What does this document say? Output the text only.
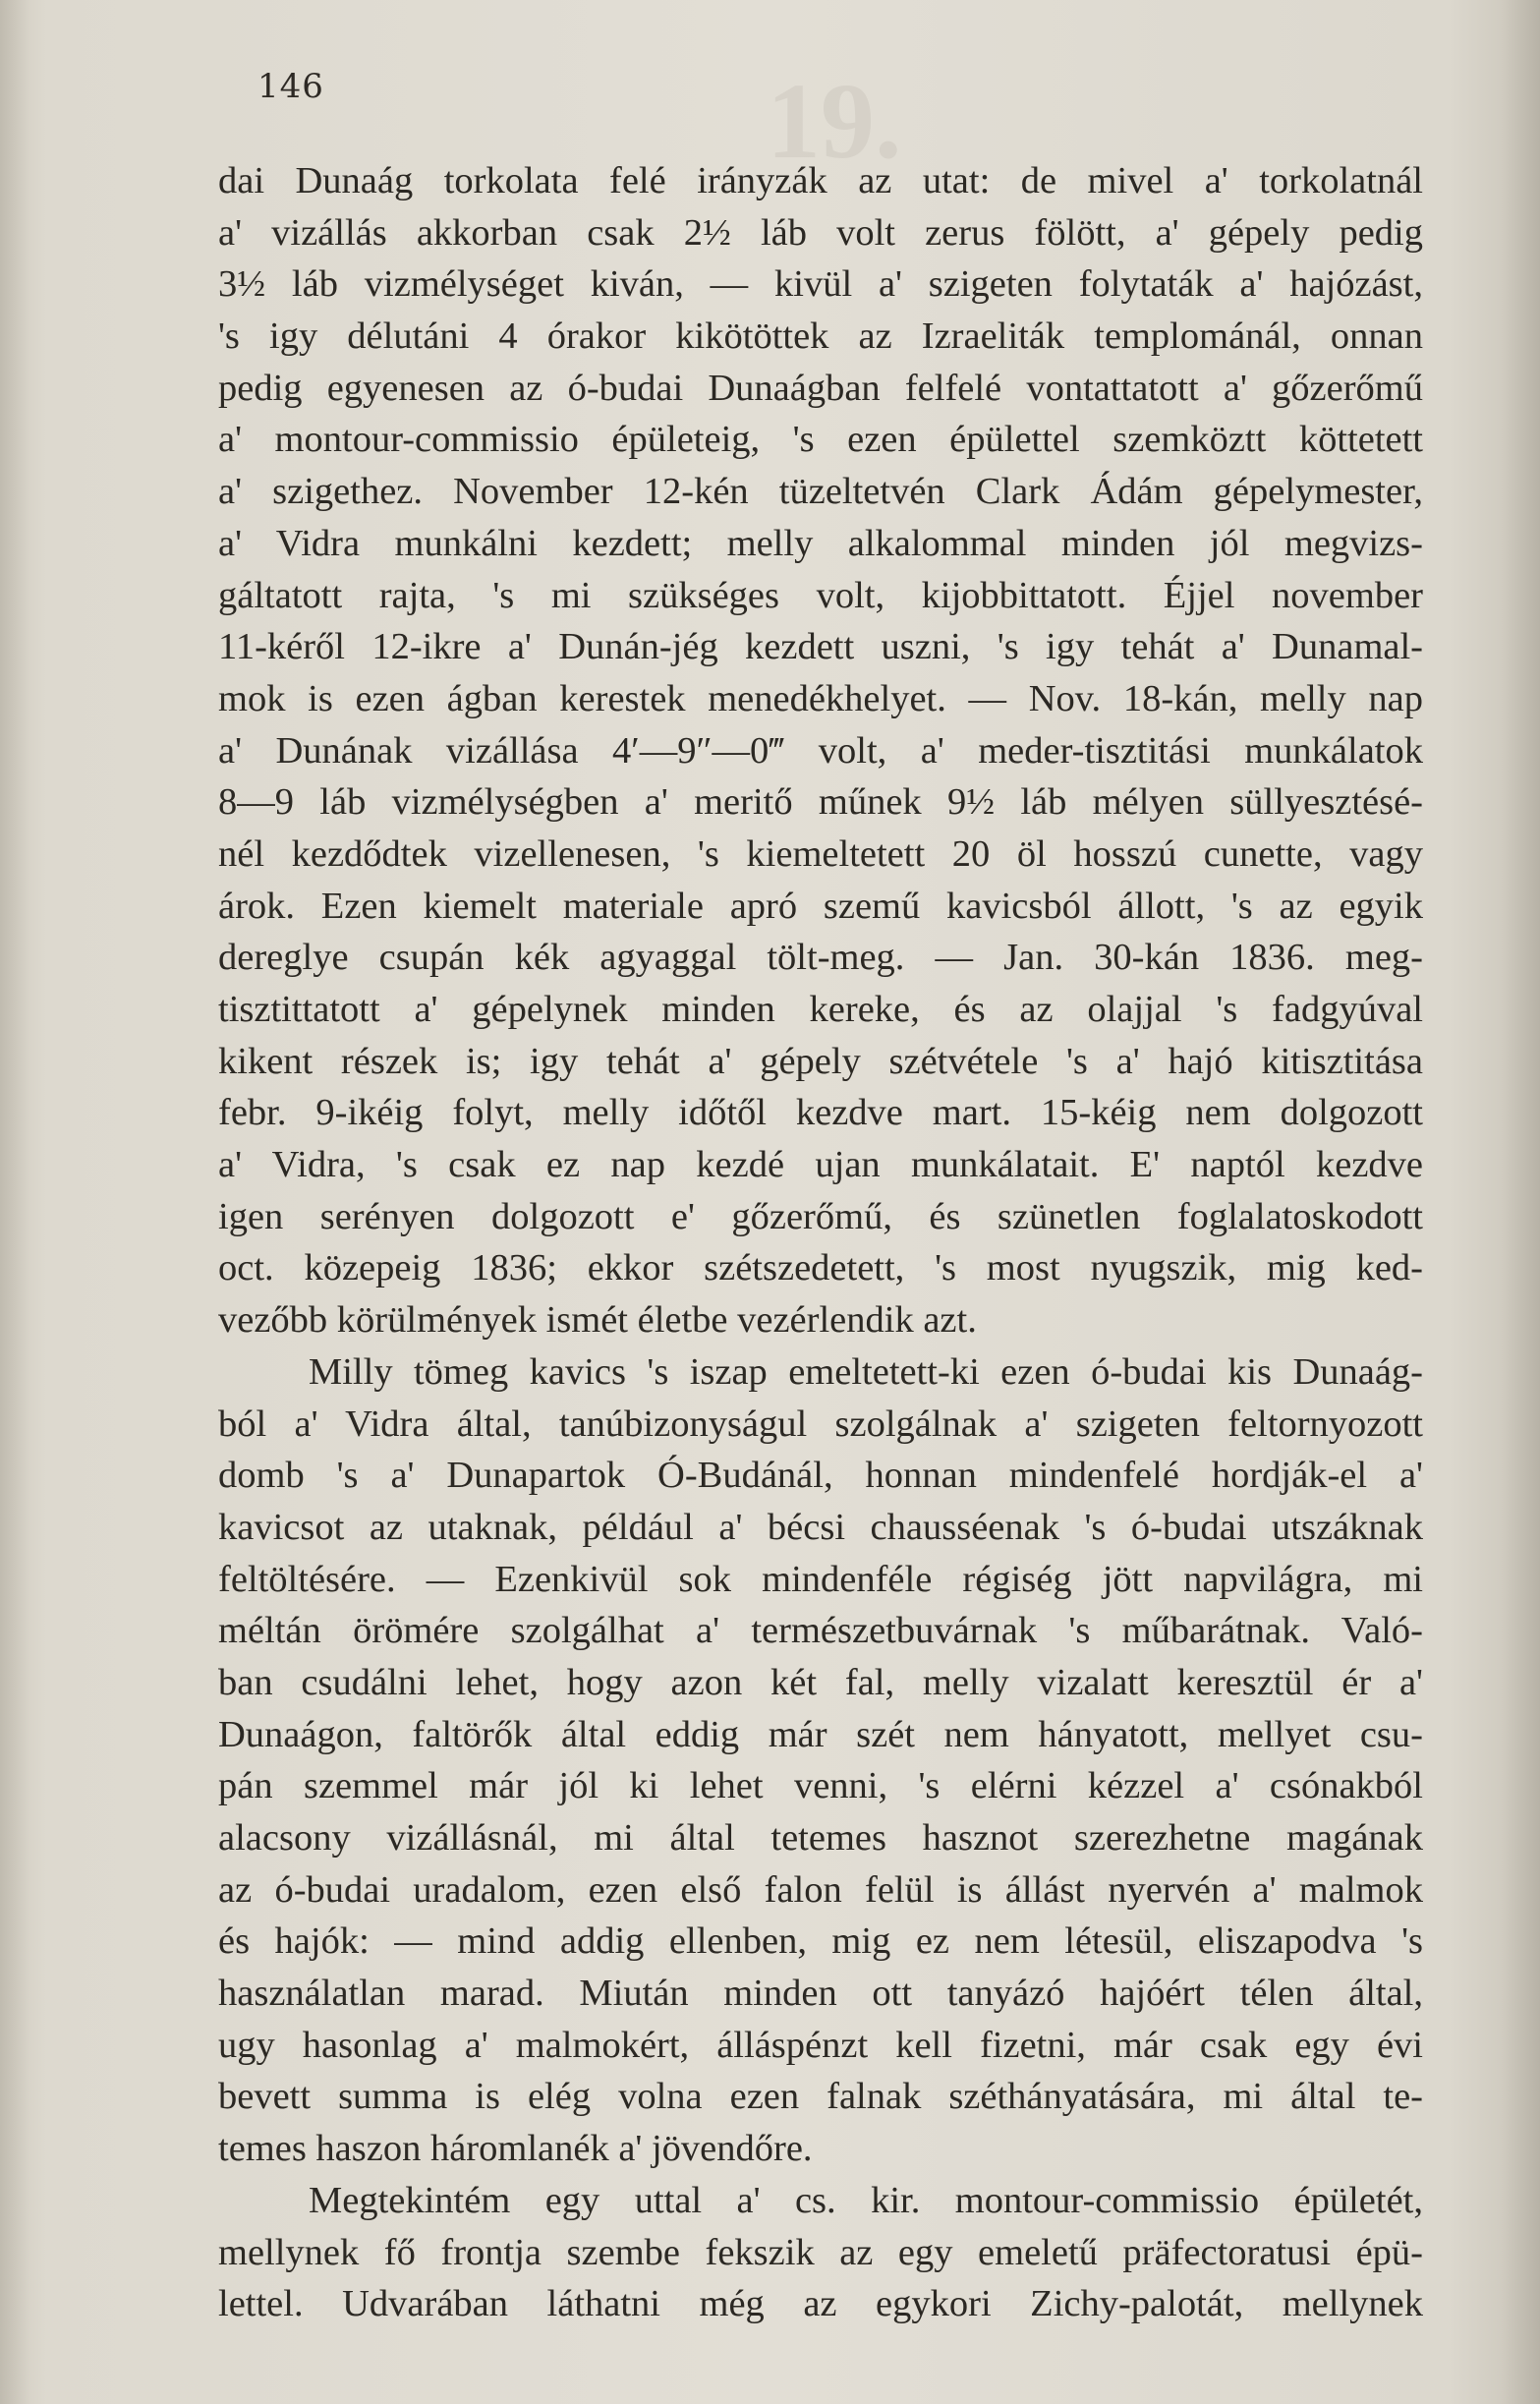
19.
146
dai Dunaág torkolata felé irányzák az utat: de mivel a' torkolatnál
a' vizállás akkorban csak 2½ láb volt zerus fölött, a' gépely pedig
3½ láb vizmélységet kiván, — kivül a' szigeten folytaták a' hajózást,
's igy délutáni 4 órakor kikötöttek az Izraeliták templománál, onnan
pedig egyenesen az ó-budai Dunaágban felfelé vontattatott a' gőzerőmű
a' montour-commissio épületeig, 's ezen épülettel szemköztt köttetett
a' szigethez. November 12-kén tüzeltetvén Clark Ádám gépelymester,
a' Vidra munkálni kezdett; melly alkalommal minden jól megvizs-
gáltatott rajta, 's mi szükséges volt, kijobbittatott. Éjjel november
11-kéről 12-ikre a' Dunán-jég kezdett uszni, 's igy tehát a' Dunamal-
mok is ezen ágban kerestek menedékhelyet. — Nov. 18-kán, melly nap
a' Dunának vizállása 4′—9″—0‴ volt, a' meder-tisztitási munkálatok
8—9 láb vizmélységben a' meritő műnek 9½ láb mélyen süllyesztésé-
nél kezdődtek vizellenesen, 's kiemeltetett 20 öl hosszú cunette, vagy
árok. Ezen kiemelt materiale apró szemű kavicsból állott, 's az egyik
dereglye csupán kék agyaggal tölt-meg. — Jan. 30-kán 1836. meg-
tisztittatott a' gépelynek minden kereke, és az olajjal 's fadgyúval
kikent részek is; igy tehát a' gépely szétvétele 's a' hajó kitisztitása
febr. 9-ikéig folyt, melly időtől kezdve mart. 15-kéig nem dolgozott
a' Vidra, 's csak ez nap kezdé ujan munkálatait. E' naptól kezdve
igen serényen dolgozott e' gőzerőmű, és szünetlen foglalatoskodott
oct. közepeig 1836; ekkor szétszedetett, 's most nyugszik, mig ked-
vezőbb körülmények ismét életbe vezérlendik azt.
Milly tömeg kavics 's iszap emeltetett-ki ezen ó-budai kis Dunaág-
ból a' Vidra által, tanúbizonyságul szolgálnak a' szigeten feltornyozott
domb 's a' Dunapartok Ó-Budánál, honnan mindenfelé hordják-el a'
kavicsot az utaknak, például a' bécsi chausséenak 's ó-budai utszáknak
feltöltésére. — Ezenkivül sok mindenféle régiség jött napvilágra, mi
méltán örömére szolgálhat a' természetbuvárnak 's műbarátnak. Való-
ban csudálni lehet, hogy azon két fal, melly vizalatt keresztül ér a'
Dunaágon, faltörők által eddig már szét nem hányatott, mellyet csu-
pán szemmel már jól ki lehet venni, 's elérni kézzel a' csónakból
alacsony vizállásnál, mi által tetemes hasznot szerezhetne magának
az ó-budai uradalom, ezen első falon felül is állást nyervén a' malmok
és hajók: — mind addig ellenben, mig ez nem létesül, eliszapodva 's
használatlan marad. Miután minden ott tanyázó hajóért télen által,
ugy hasonlag a' malmokért, álláspénzt kell fizetni, már csak egy évi
bevett summa is elég volna ezen falnak széthányatására, mi által te-
temes haszon háromlanék a' jövendőre.
Megtekintém egy uttal a' cs. kir. montour-commissio épületét,
mellynek fő frontja szembe fekszik az egy emeletű präfectoratusi épü-
lettel. Udvarában láthatni még az egykori Zichy-palotát, mellynek
